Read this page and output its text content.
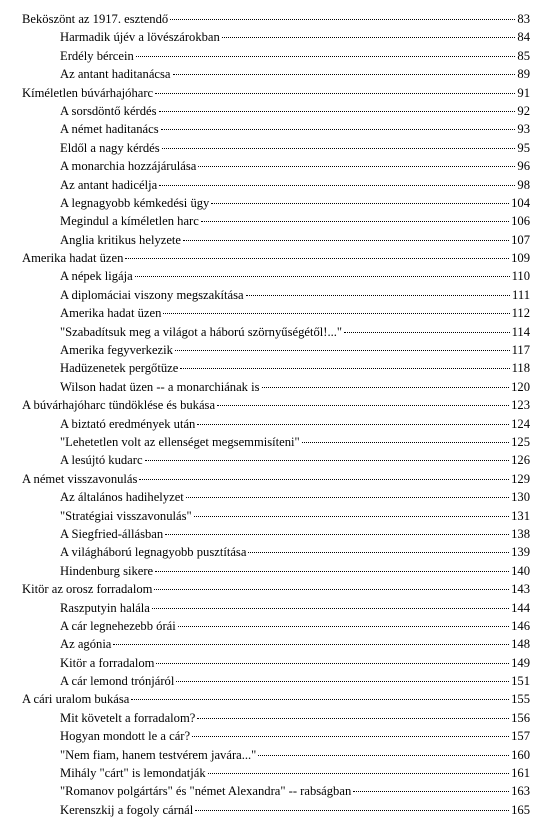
Beköszönt az 1917. esztendő	83
Harmadik újév a lövészárokban	84
Erdély bércein	85
Az antant haditanácsa	89
Kíméletlen búvárhajóharc	91
A sorsdöntő kérdés	92
A német haditanács	93
Eldől a nagy kérdés	95
A monarchia hozzájárulása	96
Az antant hadicélja	98
A legnagyobb kémkedési ügy	104
Megindul a kíméletlen harc	106
Anglia kritikus helyzete	107
Amerika hadat üzen	109
A népek ligája	110
A diplomáciai viszony megszakítása	111
Amerika hadat üzen	112
"Szabadítsuk meg a világot a háború szörnyűségétől!..."	114
Amerika fegyverkezik	117
Hadüzenetek pergőtüze	118
Wilson hadat üzen -- a monarchiának is	120
A búvárhajóharc tündöklése és bukása	123
A biztató eredmények után	124
"Lehetetlen volt az ellenséget megsemmisíteni"	125
A lesújtó kudarc	126
A német visszavonulás	129
Az általános hadihelyzet	130
"Stratégiai visszavonulás"	131
A Siegfried-állásban	138
A világháború legnagyobb pusztítása	139
Hindenburg sikere	140
Kitör az orosz forradalom	143
Raszputyin halála	144
A cár legnehezebb órái	146
Az agónia	148
Kitör a forradalom	149
A cár lemond trónjáról	151
A cári uralom bukása	155
Mit követelt a forradalom?	156
Hogyan mondott le a cár?	157
"Nem fiam, hanem testvérem javára..."	160
Mihály "cárt" is lemondatják	161
"Romanov polgártárs" és "német Alexandra" -- rabságban	163
Kerenszkij a fogoly cárnál	165
